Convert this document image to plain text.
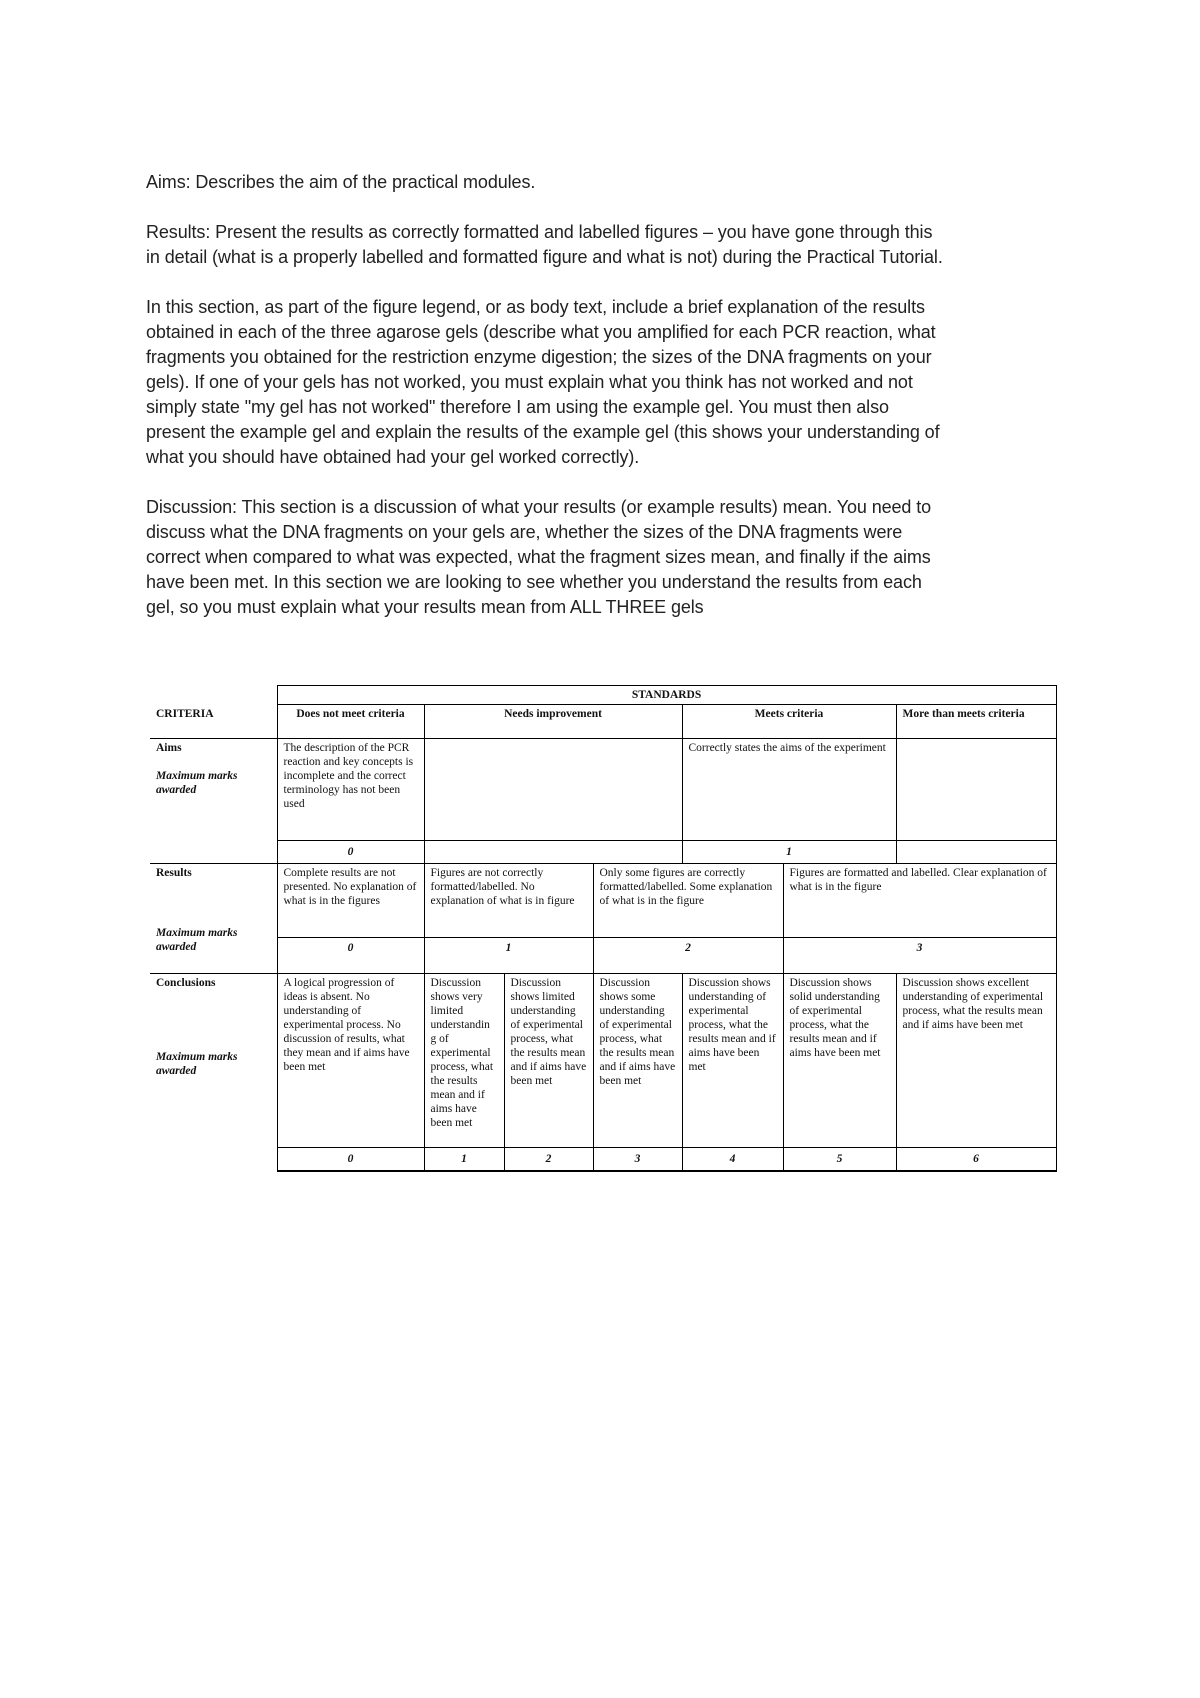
Aims: Describes the aim of the practical modules.

Results: Present the results as correctly formatted and labelled figures – you have gone through this
in detail (what is a properly labelled and formatted figure and what is not) during the Practical Tutorial.

In this section, as part of the figure legend, or as body text, include a brief explanation of the results
obtained in each of the three agarose gels (describe what you amplified for each PCR reaction, what
fragments you obtained for the restriction enzyme digestion; the sizes of the DNA fragments on your
gels). If one of your gels has not worked, you must explain what you think has not worked and not
simply state "my gel has not worked" therefore I am using the example gel. You must then also
present the example gel and explain the results of the example gel (this shows your understanding of
what you should have obtained had your gel worked correctly).

Discussion: This section is a discussion of what your results (or example results) mean. You need to
discuss what the DNA fragments on your gels are, whether the sizes of the DNA fragments were
correct when compared to what was expected, what the fragment sizes mean, and finally if the aims
have been met. In this section we are looking to see whether you understand the results from each
gel, so you must explain what your results mean from ALL THREE gels

	STANDARDS							
CRITERIA	Does not meet criteria	Needs improvement			Meets criteria		More than meets criteria	
Aims
Maximum marks awarded	The description of the PCR reaction and key concepts is incomplete and the correct terminology has not been used				Correctly states the aims of the experiment			
	0				1			
Results
Maximum marks awarded	Complete results are not presented. No explanation of what is in the figures	Figures are not correctly formatted/labelled. No explanation of what is in figure		Only some figures are correctly formatted/labelled. Some explanation of what is in the figure		Figures are formatted and labelled. Clear explanation of what is in the figure		
	0	1		2		3		
Conclusions
Maximum marks awarded	A logical progression of ideas is absent. No understanding of experimental process. No discussion of results, what they mean and if aims have been met	Discussion shows very limited understandin g of experimental process, what the results mean and if aims have been met	Discussion shows limited understanding of experimental process, what the results mean and if aims have been met	Discussion shows some understanding of experimental process, what the results mean and if aims have been met	Discussion shows understanding of experimental process, what the results mean and if aims have been met	Discussion shows solid understanding of experimental process, what the results mean and if aims have been met	Discussion shows excellent understanding of experimental process, what the results mean and if aims have been met	
	0	1	2	3	4	5	6	
